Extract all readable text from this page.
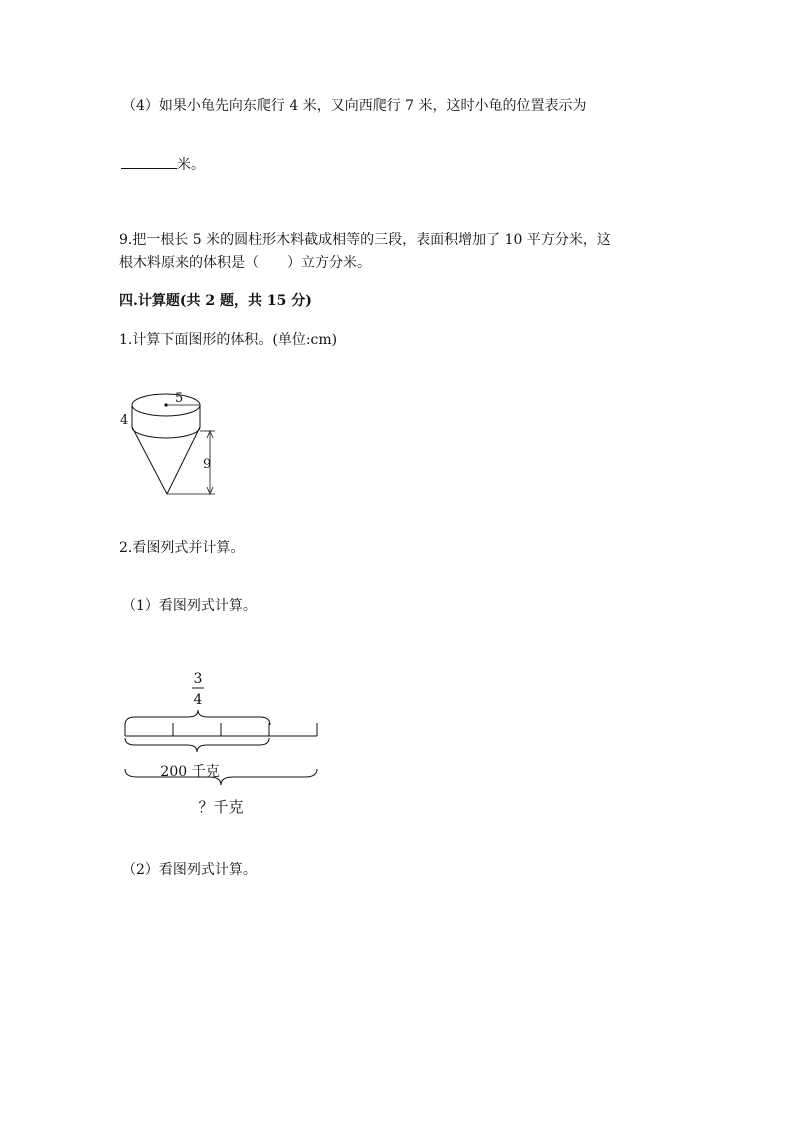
（4）如果小龟先向东爬行 4 米，又向西爬行 7 米，这时小龟的位置表示为
米。
9.把一根长 5 米的圆柱形木料截成相等的三段，表面积增加了 10 平方分米，这
根木料原来的体积是（　　）立方分米。
四.计算题(共 2 题，共 15 分)
1.计算下面图形的体积。(单位:cm)
5
4
9
2.看图列式并计算。
（1）看图列式计算。
3
4
200 千克
？千克
（2）看图列式计算。
